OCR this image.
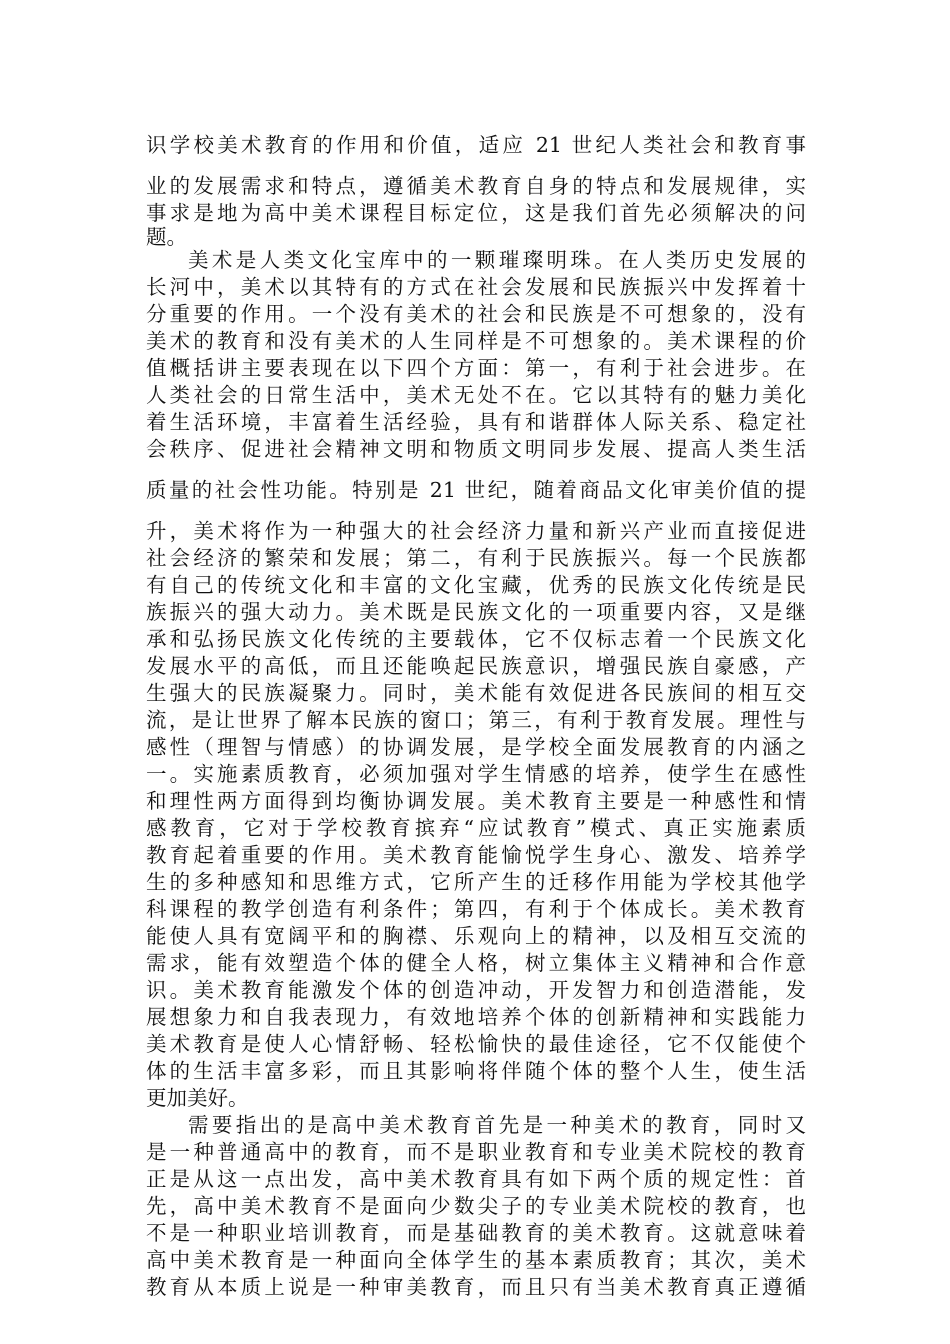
识学校美术教育的作用和价值，适应 21 世纪人类社会和教育事
业的发展需求和特点，遵循美术教育自身的特点和发展规律，实
事求是地为高中美术课程目标定位，这是我们首先必须解决的问
题。
美术是人类文化宝库中的一颗璀璨明珠。在人类历史发展的
长河中，美术以其特有的方式在社会发展和民族振兴中发挥着十
分重要的作用。一个没有美术的社会和民族是不可想象的，没有
美术的教育和没有美术的人生同样是不可想象的。美术课程的价
值概括讲主要表现在以下四个方面：第一，有利于社会进步。在
人类社会的日常生活中，美术无处不在。它以其特有的魅力美化
着生活环境，丰富着生活经验，具有和谐群体人际关系、稳定社
会秩序、促进社会精神文明和物质文明同步发展、提高人类生活
质量的社会性功能。特别是 21 世纪，随着商品文化审美价值的提
升，美术将作为一种强大的社会经济力量和新兴产业而直接促进
社会经济的繁荣和发展；第二，有利于民族振兴。每一个民族都
有自己的传统文化和丰富的文化宝藏，优秀的民族文化传统是民
族振兴的强大动力。美术既是民族文化的一项重要内容，又是继
承和弘扬民族文化传统的主要载体，它不仅标志着一个民族文化
发展水平的高低，而且还能唤起民族意识，增强民族自豪感，产
生强大的民族凝聚力。同时，美术能有效促进各民族间的相互交
流，是让世界了解本民族的窗口；第三，有利于教育发展。理性与
感性（理智与情感）的协调发展，是学校全面发展教育的内涵之
一。实施素质教育，必须加强对学生情感的培养，使学生在感性
和理性两方面得到均衡协调发展。美术教育主要是一种感性和情
感教育，它对于学校教育摈弃“应试教育”模式、真正实施素质
教育起着重要的作用。美术教育能愉悦学生身心、激发、培养学
生的多种感知和思维方式，它所产生的迁移作用能为学校其他学
科课程的教学创造有利条件；第四，有利于个体成长。美术教育
能使人具有宽阔平和的胸襟、乐观向上的精神，以及相互交流的
需求，能有效塑造个体的健全人格，树立集体主义精神和合作意
识。美术教育能激发个体的创造冲动，开发智力和创造潜能，发
展想象力和自我表现力，有效地培养个体的创新精神和实践能力
美术教育是使人心情舒畅、轻松愉快的最佳途径，它不仅能使个
体的生活丰富多彩，而且其影响将伴随个体的整个人生，使生活
更加美好。
需要指出的是高中美术教育首先是一种美术的教育，同时又
是一种普通高中的教育，而不是职业教育和专业美术院校的教育
正是从这一点出发，高中美术教育具有如下两个质的规定性：首
先，高中美术教育不是面向少数尖子的专业美术院校的教育，也
不是一种职业培训教育，而是基础教育的美术教育。这就意味着
高中美术教育是一种面向全体学生的基本素质教育；其次，美术
教育从本质上说是一种审美教育，而且只有当美术教育真正遵循
